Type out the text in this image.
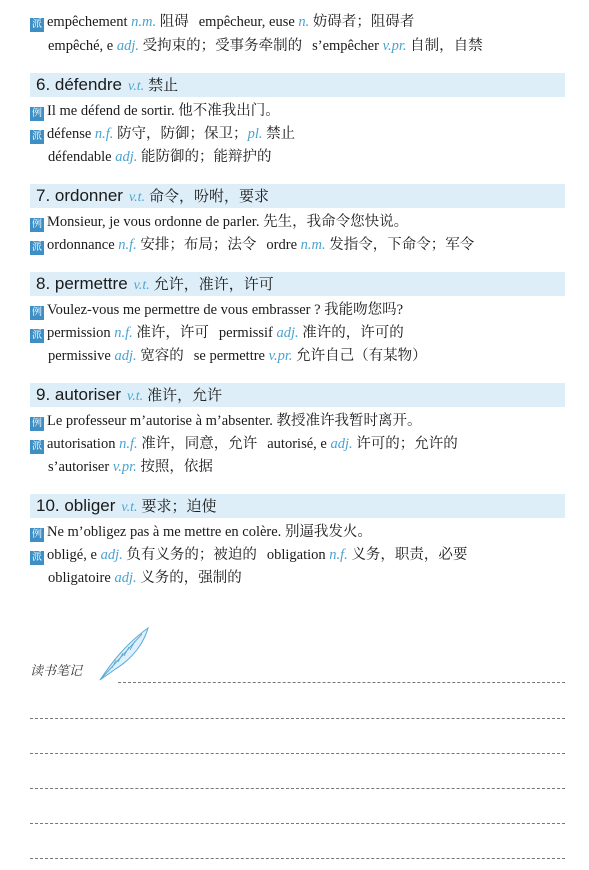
派 empêchement n.m. 阻碍 empêcheur, euse n. 妨碍者；阻碍者
empêché, e adj. 受拘束的；受事务牵制的 s’empêcher v.pr. 自制，自禁
6. défendre v.t. 禁止
例 Il me défend de sortir. 他不准我出门。
派 défense n.f. 防守，防御；保卫；pl. 禁止
défendable adj. 能防御的；能辩护的
7. ordonner v.t. 命令，吩咐，要求
例 Monsieur, je vous ordonne de parler. 先生，我命令您快说。
派 ordonnance n.f. 安排；布局；法令 ordre n.m. 发指令，下命令；军令
8. permettre v.t. 允许，准许，许可
例 Voulez-vous me permettre de vous embrasser ? 我能吻您吗?
派 permission n.f. 准许，许可 permissif adj. 准许的，许可的
permissive adj. 宽容的 se permettre v.pr. 允许自己（有某物）
9. autoriser v.t. 准许，允许
例 Le professeur m’autorise à m’absenter. 教授准许我暂时离开。
派 autorisation n.f. 准许，同意，允许 autorisé, e adj. 许可的；允许的
s’autoriser v.pr. 按照，依据
10. obliger v.t. 要求；迫使
例 Ne m’obligez pas à me mettre en colère. 别逼我发火。
派 obligé, e adj. 负有义务的；被迫的 obligation n.f. 义务，职责，必要
obligatoire adj. 义务的，强制的
读书笔记
